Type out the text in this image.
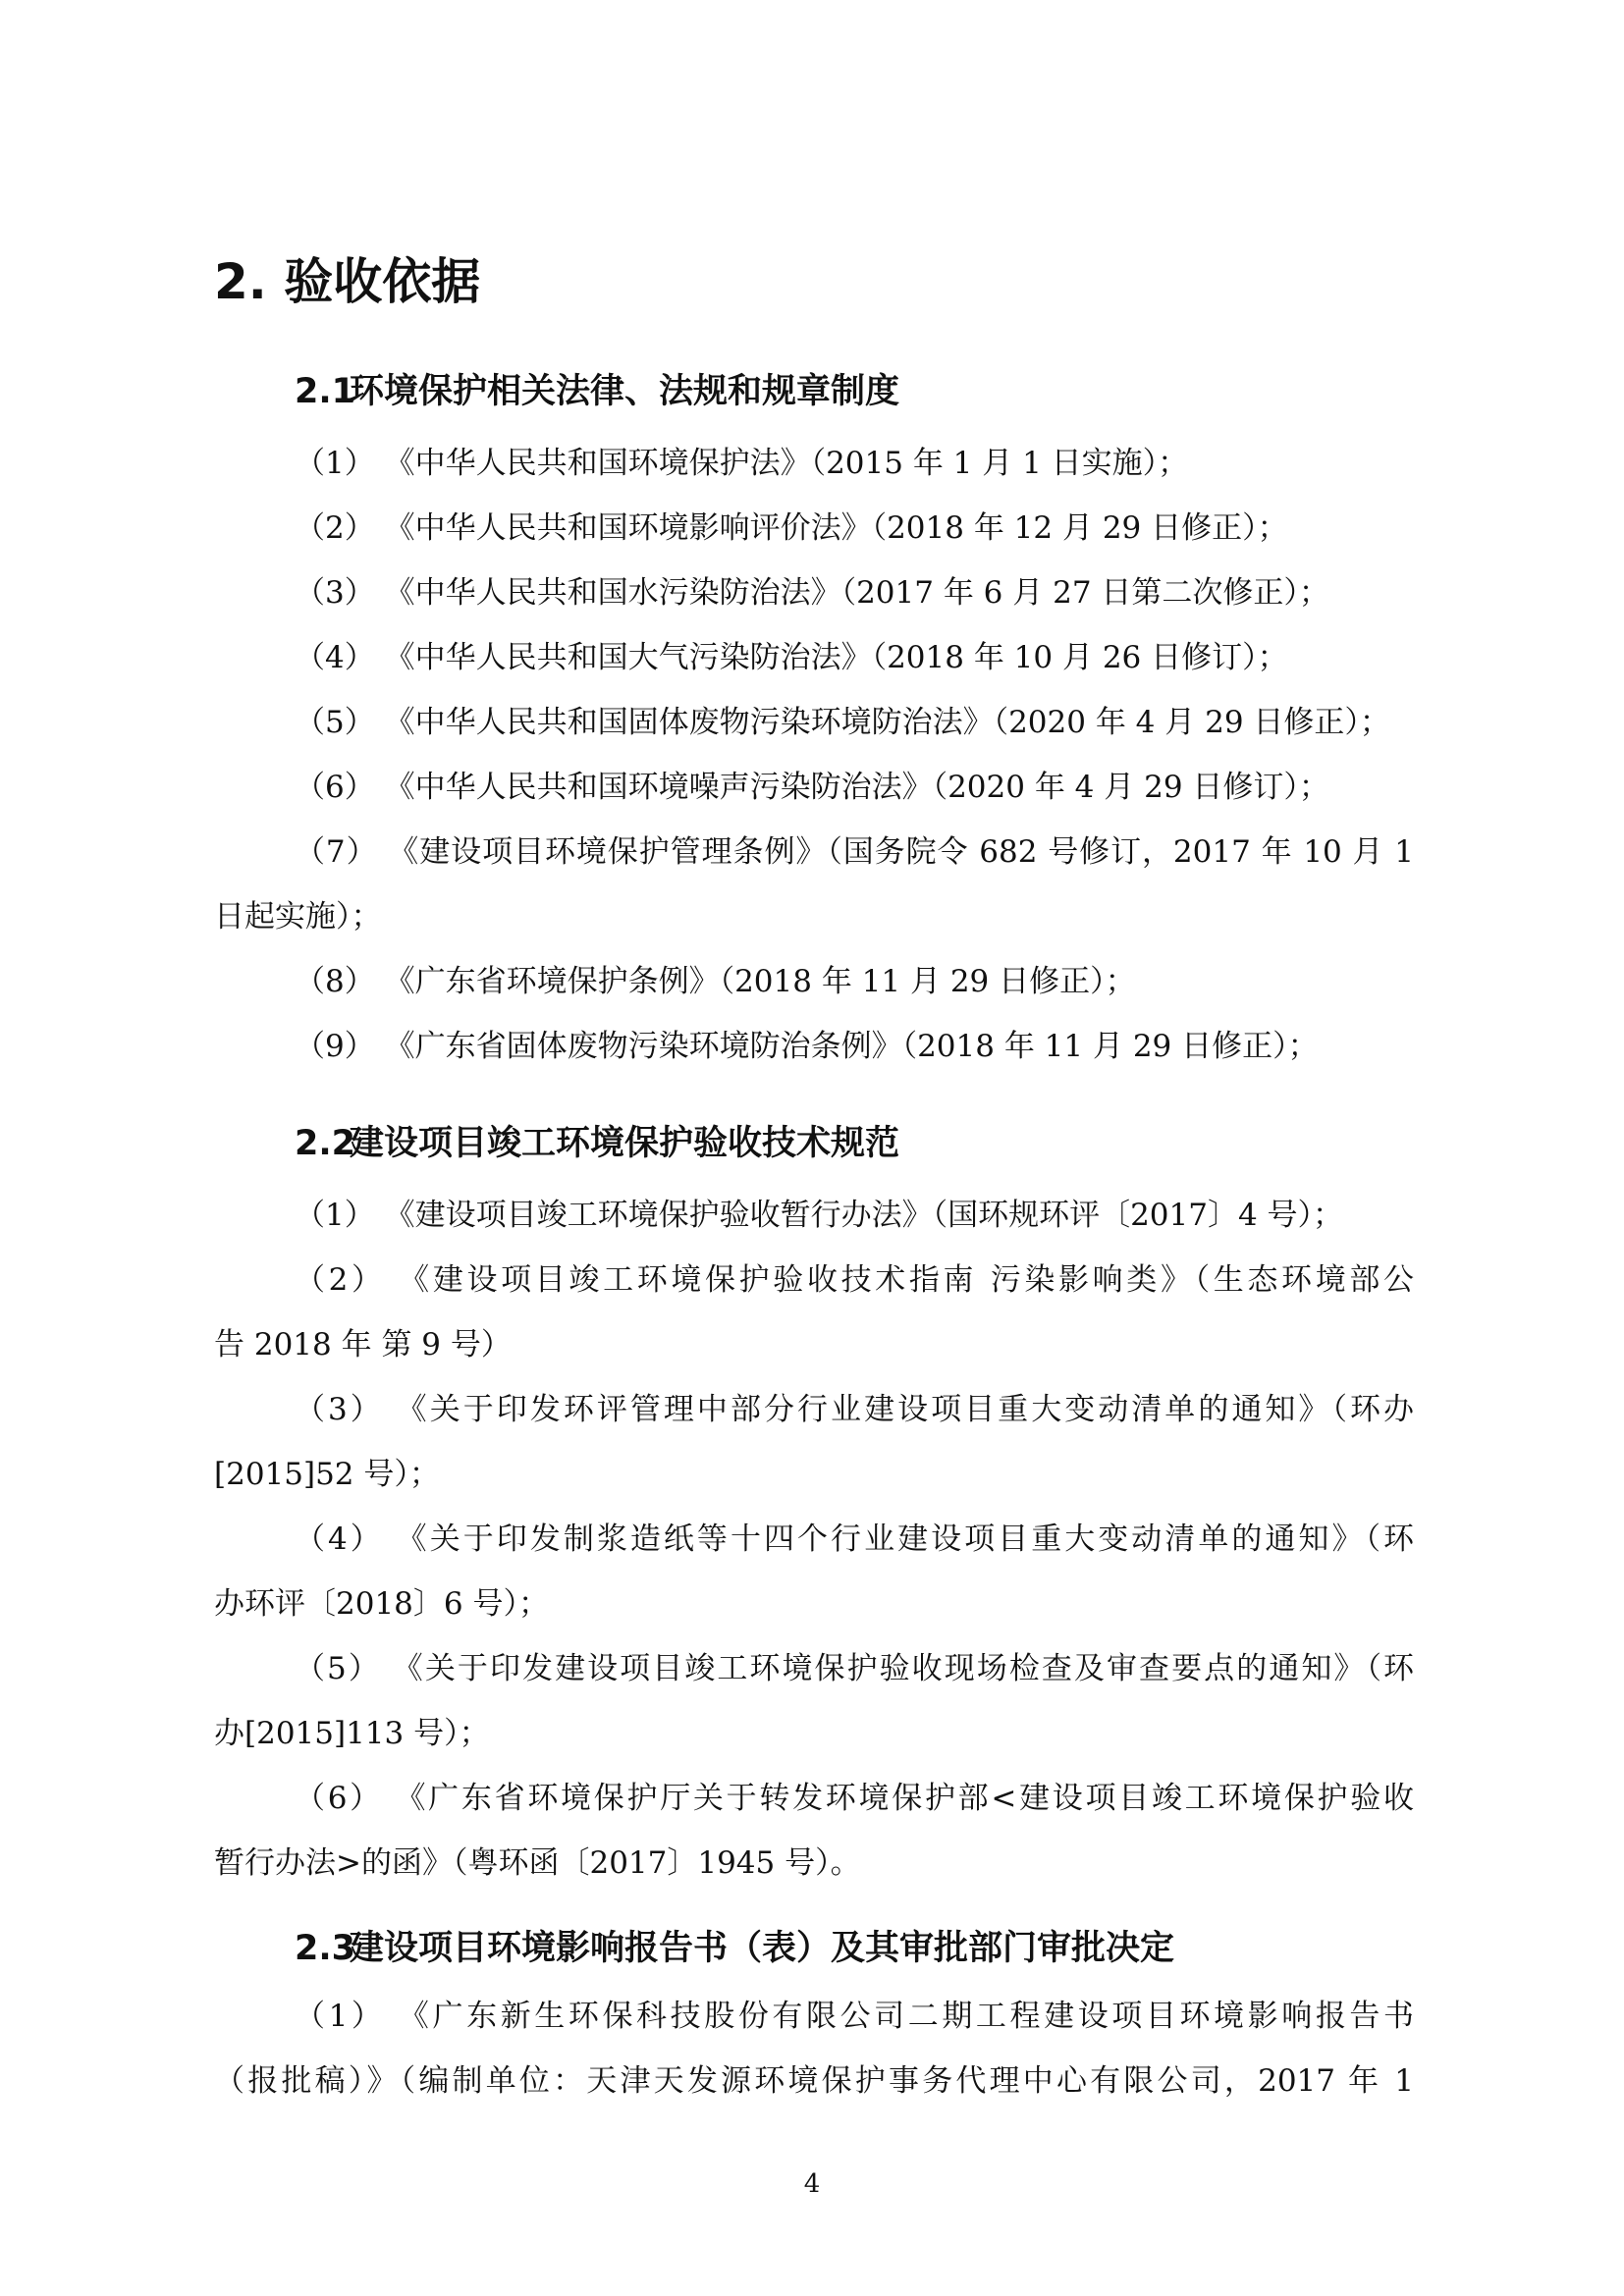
2. 验收依据
2.1环境保护相关法律、法规和规章制度
（1） 《中华人民共和国环境保护法》（2015 年 1 月 1 日实施）；
（2） 《中华人民共和国环境影响评价法》（2018 年 12 月 29 日修正）；
（3） 《中华人民共和国水污染防治法》（2017 年 6 月 27 日第二次修正）；
（4） 《中华人民共和国大气污染防治法》（2018 年 10 月 26 日修订）；
（5） 《中华人民共和国固体废物污染环境防治法》（2020 年 4 月 29 日修正）；
（6） 《中华人民共和国环境噪声污染防治法》（2020 年 4 月 29 日修订）；
（7） 《建设项目环境保护管理条例》（国务院令 682 号修订，2017 年 10 月 1
日起实施）；
（8） 《广东省环境保护条例》（2018 年 11 月 29 日修正）；
（9） 《广东省固体废物污染环境防治条例》（2018 年 11 月 29 日修正）；
2.2建设项目竣工环境保护验收技术规范
（1） 《建设项目竣工环境保护验收暂行办法》（国环规环评〔2017〕4 号）；
（2） 《建设项目竣工环境保护验收技术指南 污染影响类》（生态环境部公
告 2018 年 第 9 号）
（3） 《关于印发环评管理中部分行业建设项目重大变动清单的通知》（环办
[2015]52 号）；
（4） 《关于印发制浆造纸等十四个行业建设项目重大变动清单的通知》（环
办环评〔2018〕6 号）；
（5） 《关于印发建设项目竣工环境保护验收现场检查及审查要点的通知》（环
办[2015]113 号）；
（6） 《广东省环境保护厅关于转发环境保护部<建设项目竣工环境保护验收
暂行办法>的函》（粤环函〔2017〕1945 号）。
2.3建设项目环境影响报告书（表）及其审批部门审批决定
（1） 《广东新生环保科技股份有限公司二期工程建设项目环境影响报告书
（报批稿）》（编制单位：天津天发源环境保护事务代理中心有限公司，2017 年 1
4
